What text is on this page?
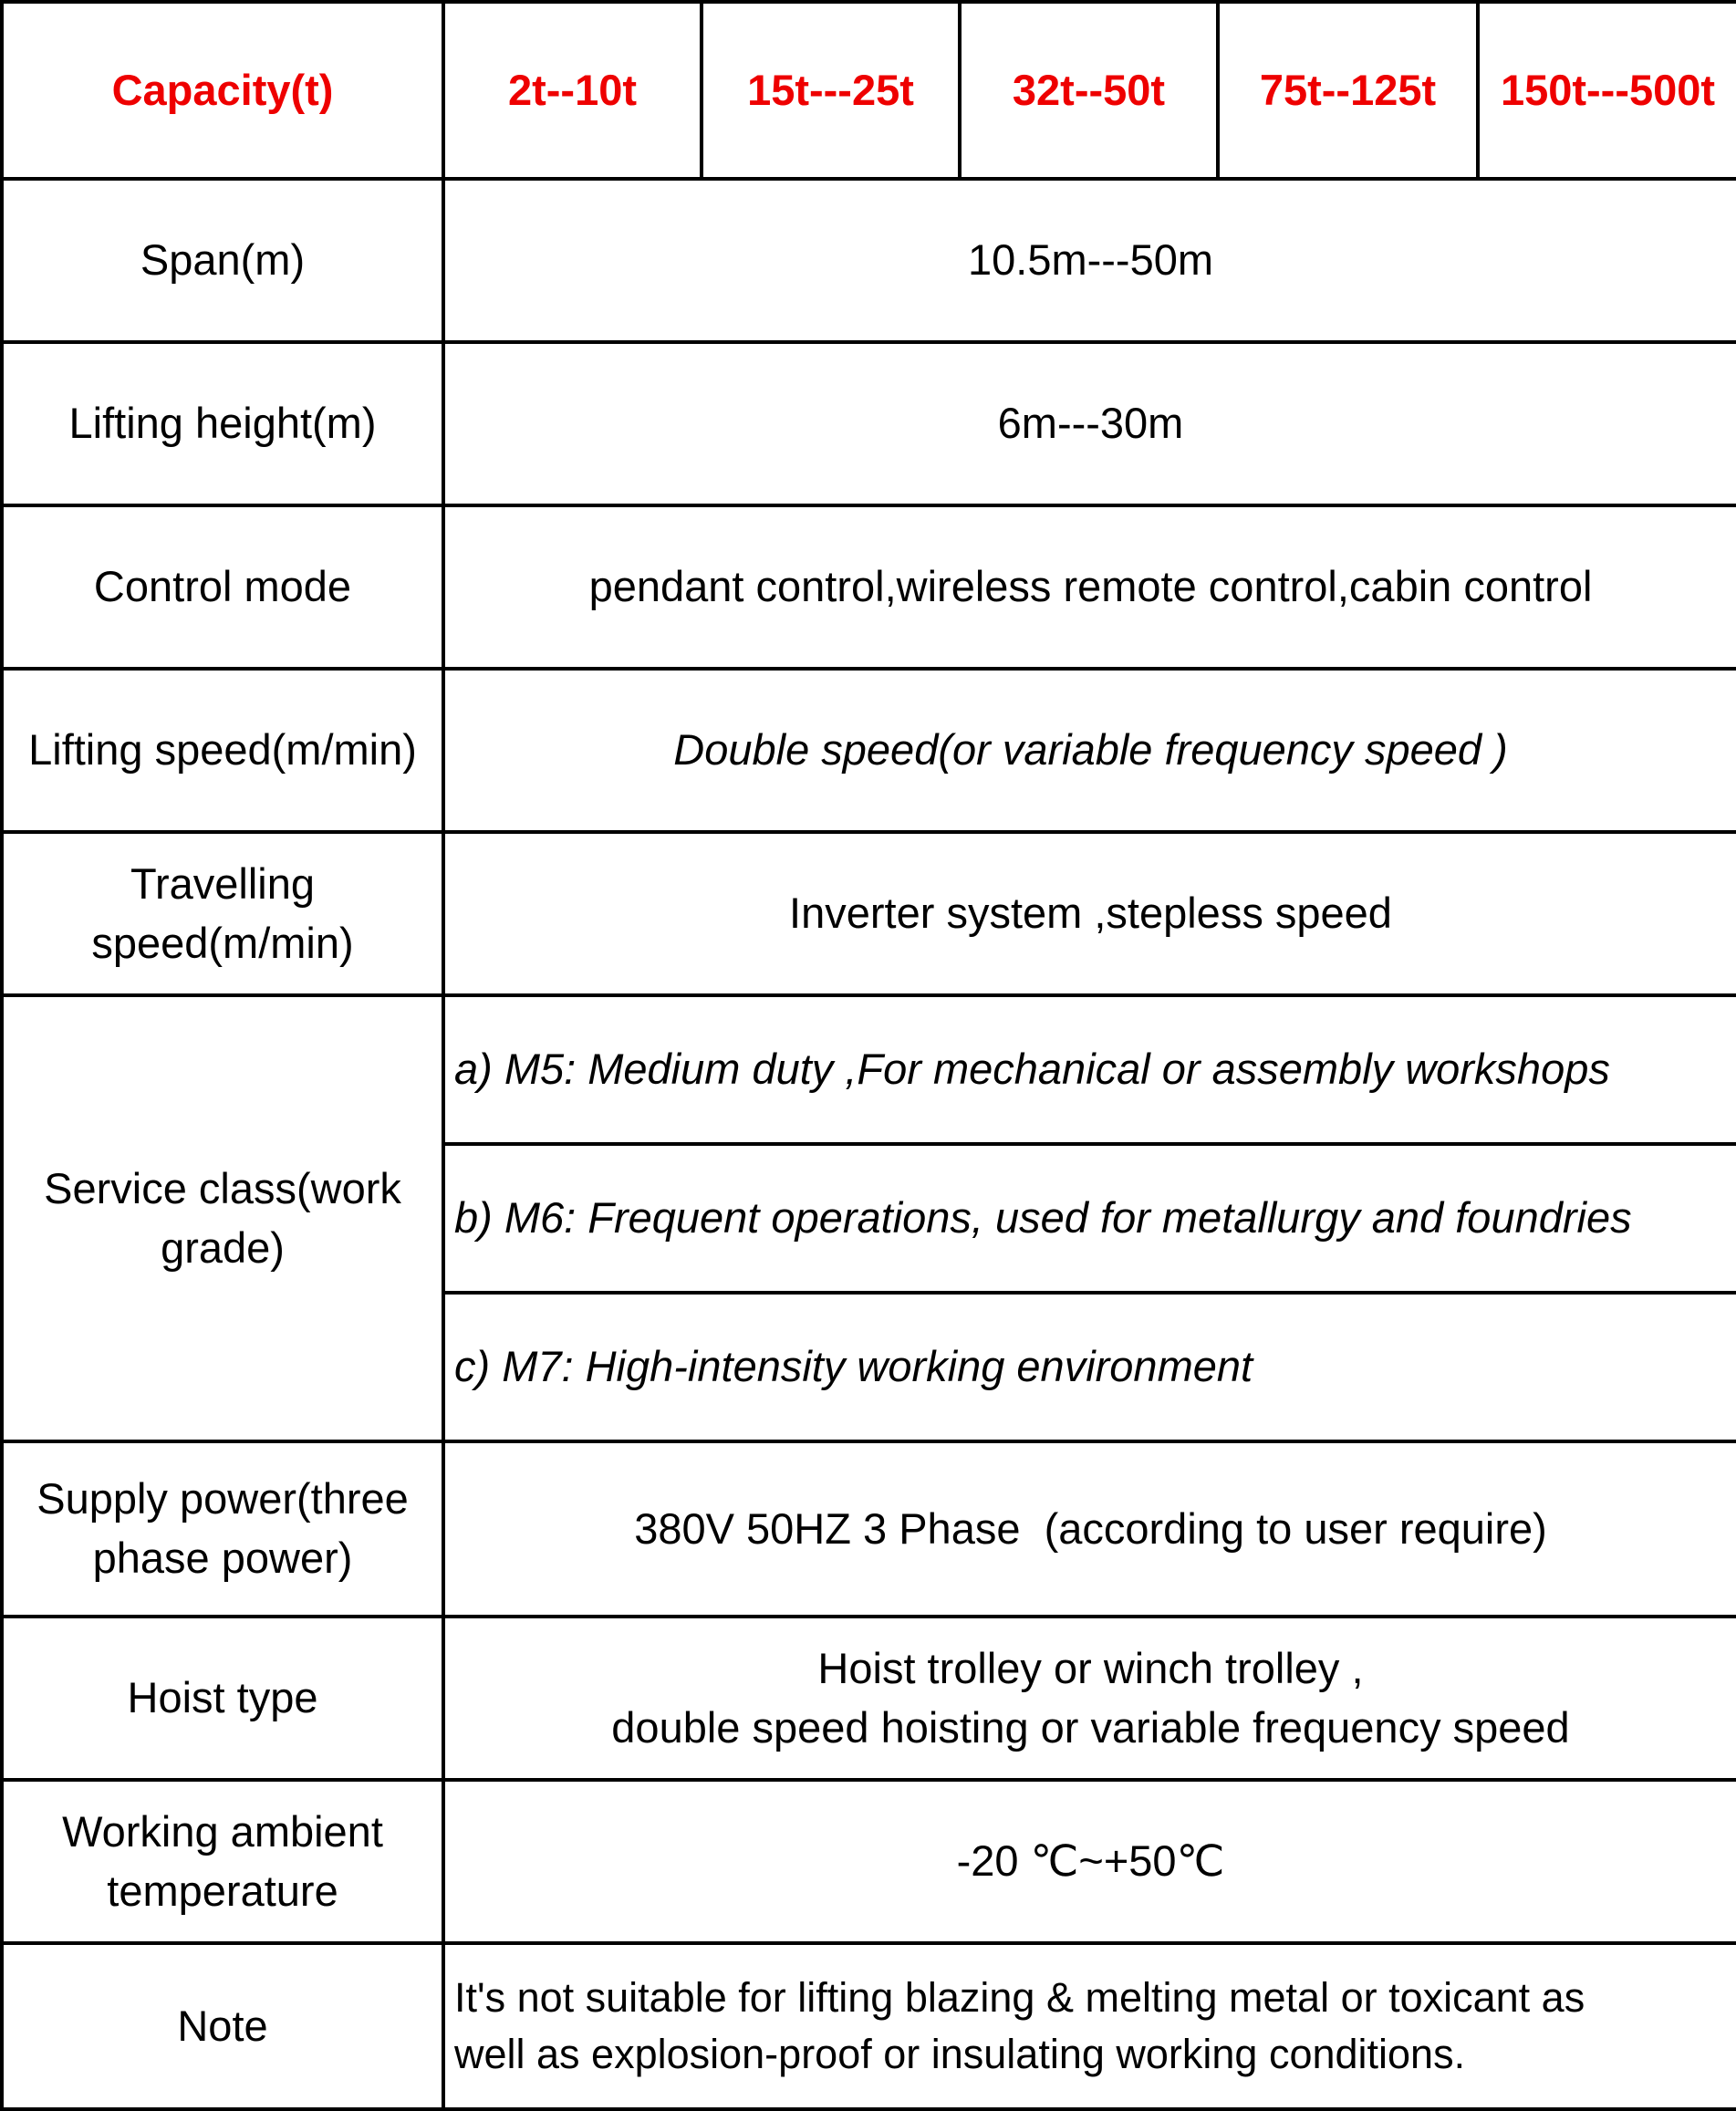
Capacity(t)	2t--10t	15t---25t	32t--50t	75t--125t	150t---500t
Span(m)	10.5m---50m				
Lifting height(m)	6m---30m				
Control mode	pendant control,wireless remote control,cabin control				
Lifting speed(m/min)	Double speed(or variable frequency speed )				

Travelling
speed(m/min)	Inverter system ,stepless speed				

Service class(work
grade)	a) M5: Medium duty ,For mechanical or assembly workshops				
	b) M6: Frequent operations, used for metallurgy and foundries				
	c) M7: High-intensity working environment				

Supply power(three
phase power)	380V 50HZ 3 Phase  (according to user require)				
Hoist type	Hoist trolley or winch trolley ,
double speed hoisting or variable frequency speed				

Working ambient
temperature	-20 ℃~+50℃				
Note	It's not suitable for lifting blazing & melting metal or toxicant as
well as explosion-proof or insulating working conditions.				
